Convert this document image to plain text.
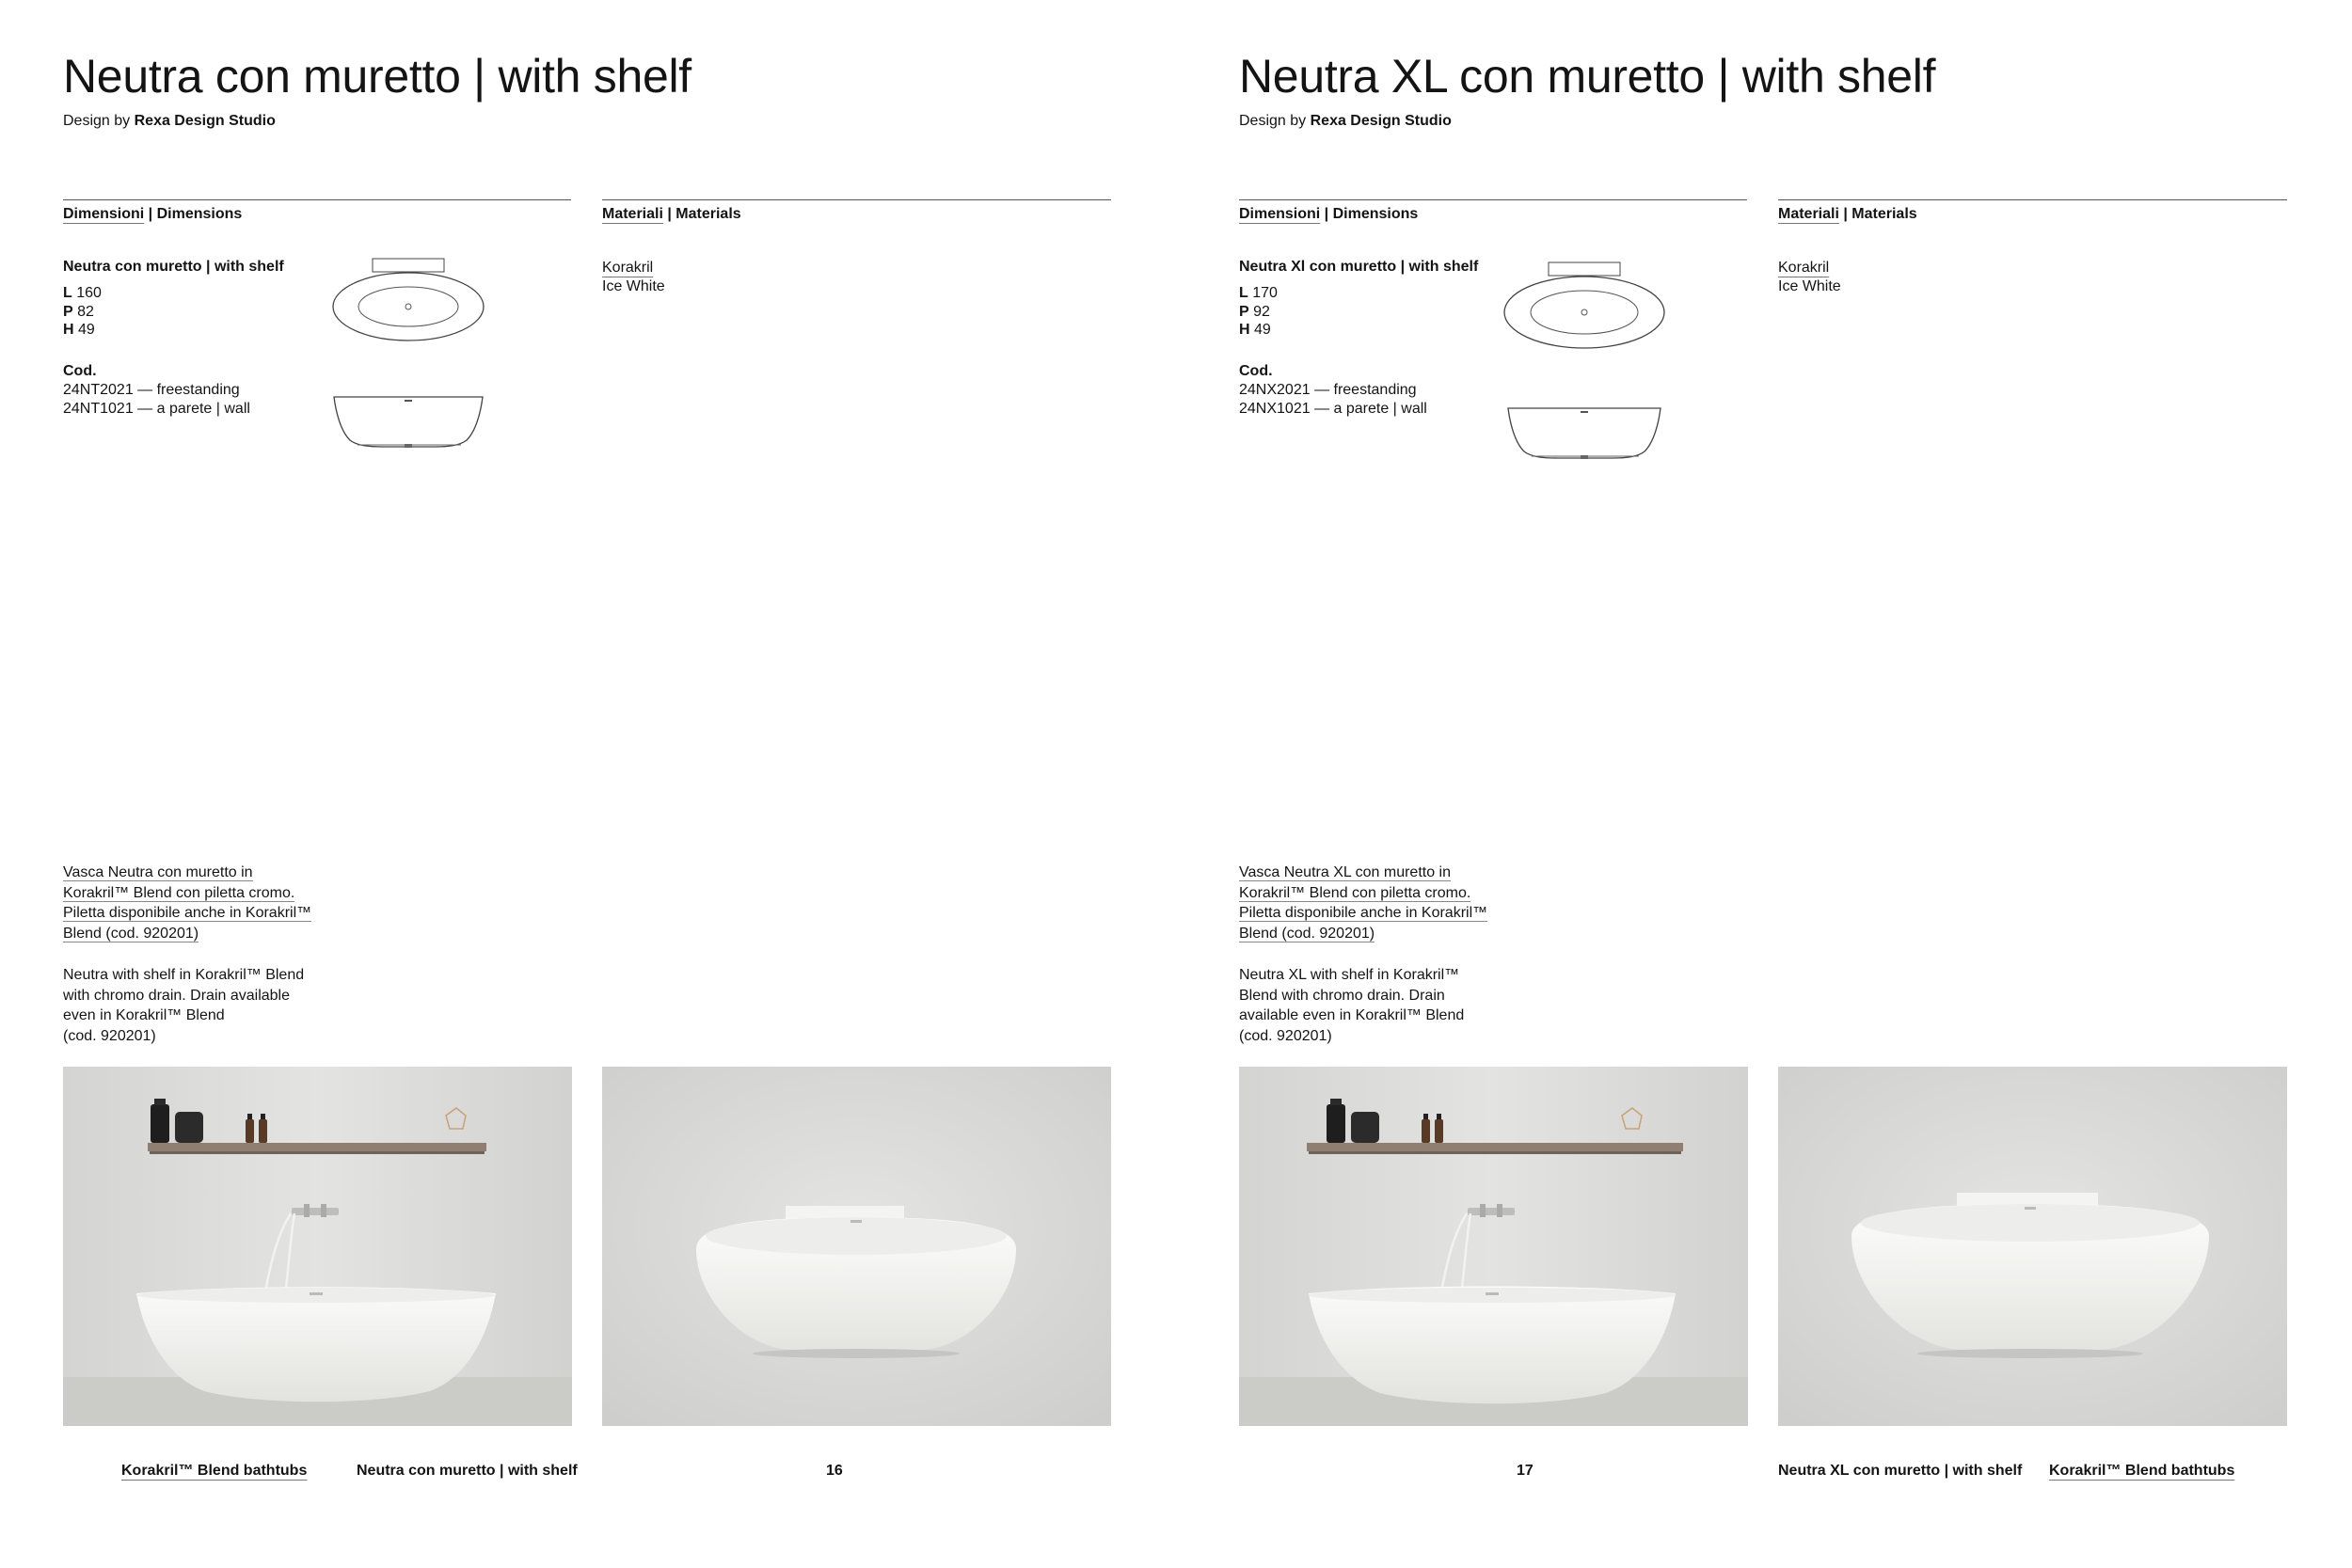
Neutra con muretto | with shelf
Design by Rexa Design Studio
Dimensioni | Dimensions	Materiali | Materials
Neutra con muretto | with shelf
L 160
P 82
H 49
Cod.
24NT2021 — freestanding
24NT1021 — a parete | wall
Korakril
Ice White
Vasca Neutra con muretto in
Korakril™ Blend con piletta cromo.
Piletta disponibile anche in Korakril™
Blend (cod. 920201)
Neutra with shelf in Korakril™ Blend
with chromo drain. Drain available
even in Korakril™ Blend
(cod. 920201)
Korakril™ Blend bathtubs	Neutra con muretto | with shelf	16
Neutra XL con muretto | with shelf
Design by Rexa Design Studio
Dimensioni | Dimensions	Materiali | Materials
Neutra Xl con muretto | with shelf
L 170
P 92
H 49
Cod.
24NX2021 — freestanding
24NX1021 — a parete | wall
Korakril
Ice White
Vasca Neutra XL con muretto in
Korakril™ Blend con piletta cromo.
Piletta disponibile anche in Korakril™
Blend (cod. 920201)
Neutra XL with shelf in Korakril™
Blend with chromo drain. Drain
available even in Korakril™ Blend
(cod. 920201)
17	Neutra XL con muretto | with shelf Korakril™ Blend bathtubs
